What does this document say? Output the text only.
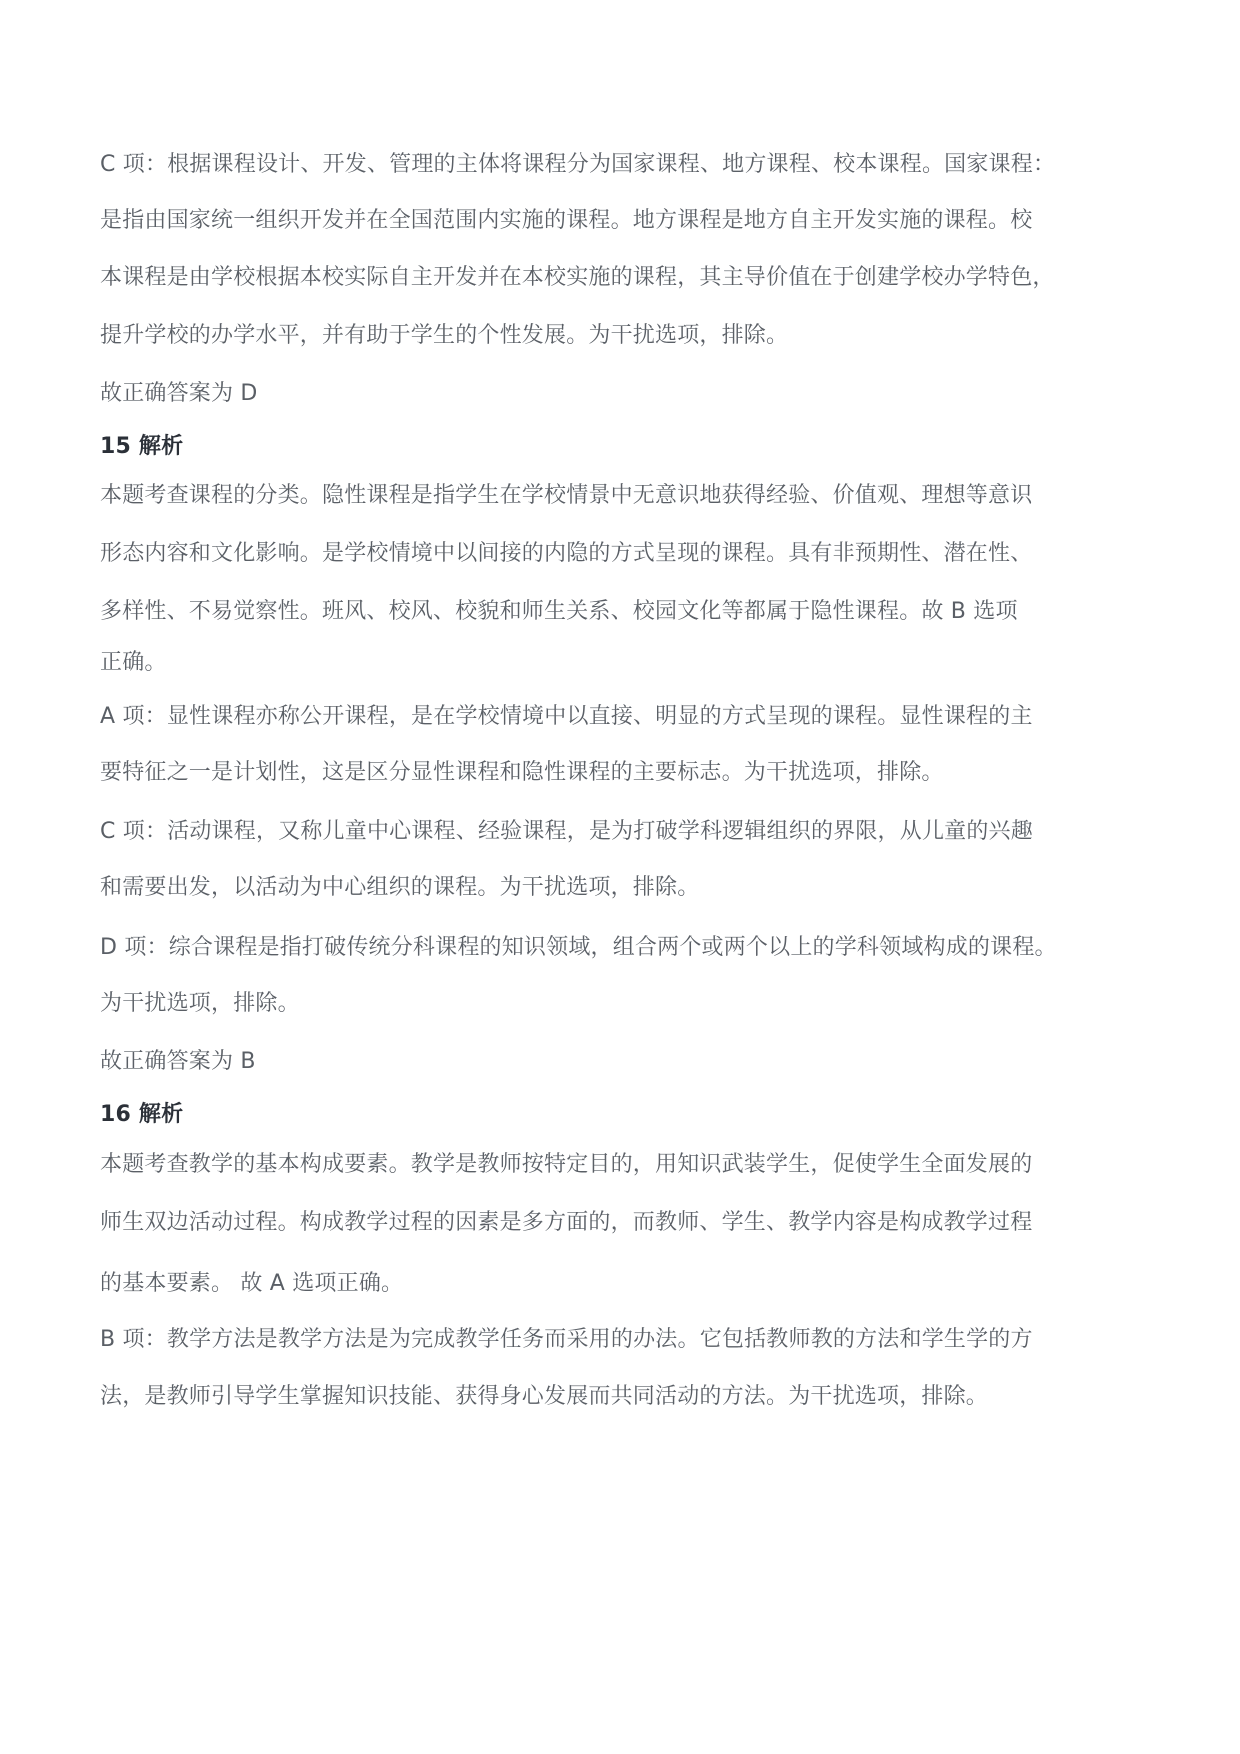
C 项：根据课程设计、开发、管理的主体将课程分为国家课程、地方课程、校本课程。国家课程：
是指由国家统一组织开发并在全国范围内实施的课程。地方课程是地方自主开发实施的课程。校
本课程是由学校根据本校实际自主开发并在本校实施的课程，其主导价值在于创建学校办学特色，
提升学校的办学水平，并有助于学生的个性发展。为干扰选项，排除。
故正确答案为 D
15 解析
本题考查课程的分类。隐性课程是指学生在学校情景中无意识地获得经验、价值观、理想等意识
形态内容和文化影响。是学校情境中以间接的内隐的方式呈现的课程。具有非预期性、潜在性、
多样性、不易觉察性。班风、校风、校貌和师生关系、校园文化等都属于隐性课程。故 B 选项
正确。
A 项：显性课程亦称公开课程，是在学校情境中以直接、明显的方式呈现的课程。显性课程的主
要特征之一是计划性，这是区分显性课程和隐性课程的主要标志。为干扰选项，排除。
C 项：活动课程，又称儿童中心课程、经验课程，是为打破学科逻辑组织的界限，从儿童的兴趣
和需要出发，以活动为中心组织的课程。为干扰选项，排除。
D 项：综合课程是指打破传统分科课程的知识领域，组合两个或两个以上的学科领域构成的课程。
为干扰选项，排除。
故正确答案为 B
16 解析
本题考查教学的基本构成要素。教学是教师按特定目的，用知识武装学生，促使学生全面发展的
师生双边活动过程。构成教学过程的因素是多方面的，而教师、学生、教学内容是构成教学过程
的基本要素。 故 A 选项正确。
B 项：教学方法是教学方法是为完成教学任务而采用的办法。它包括教师教的方法和学生学的方
法，是教师引导学生掌握知识技能、获得身心发展而共同活动的方法。为干扰选项，排除。
